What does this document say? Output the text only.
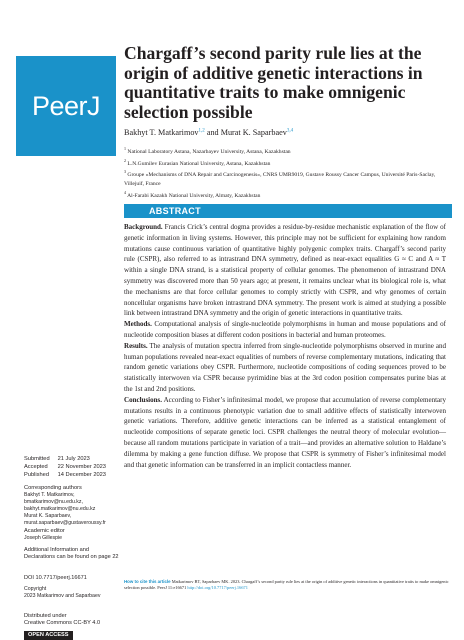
PeerJ
Chargaff’s second parity rule lies at the origin of additive genetic interactions in quantitative traits to make omnigenic selection possible
Bakhyt T. Matkarimov$^{1,2}$ and Murat K. Saparbaev$^{3,4}$
$^1$ National Laboratory Astana, Nazarbayev University, Astana, Kazakhstan
$^2$ L.N.Gumilev Eurasian National University, Astana, Kazakhstan
$^3$ Groupe «Mechanisms of DNA Repair and Carcinogenesis», CNRS UMR9019, Gustave Roussy Cancer Campus, Université Paris-Saclay, Villejuif, France
$^4$ Al-Farabi Kazakh National University, Almaty, Kazakhstan
ABSTRACT

Background. Francis Crick’s central dogma provides a residue-by-residue mechanistic explanation of the flow of genetic information in living systems. However, this principle may not be sufficient for explaining how random mutations cause continuous variation of quantitative highly polygenic complex traits. Chargaff’s second parity rule (CSPR), also referred to as intrastrand DNA symmetry, defined as near-exact equalities G ≈ C and A ≈ T within a single DNA strand, is a statistical property of cellular genomes. The phenomenon of intrastrand DNA symmetry was discovered more than 50 years ago; at present, it remains unclear what its biological role is, what the mechanisms are that force cellular genomes to comply strictly with CSPR, and why genomes of certain noncellular organisms have broken intrastrand DNA symmetry. The present work is aimed at studying a possible link between intrastrand DNA symmetry and the origin of genetic interactions in quantitative traits.

Methods. Computational analysis of single-nucleotide polymorphisms in human and mouse populations and of nucleotide composition biases at different codon positions in bacterial and human proteomes.

Results. The analysis of mutation spectra inferred from single-nucleotide polymorphisms observed in murine and human populations revealed near-exact equalities of numbers of reverse complementary mutations, indicating that random genetic variations obey CSPR. Furthermore, nucleotide compositions of coding sequences proved to be statistically interwoven via CSPR because pyrimidine bias at the 3rd codon position compensates purine bias at the 1st and 2nd positions.

Conclusions. According to Fisher’s infinitesimal model, we propose that accumulation of reverse complementary mutations results in a continuous phenotypic variation due to small additive effects of statistically interwoven genetic variations. Therefore, additive genetic interactions can be inferred as a statistical entanglement of nucleotide compositions of separate genetic loci. CSPR challenges the neutral theory of molecular evolution—because all random mutations participate in variation of a trait—and provides an alternative solution to Haldane’s dilemma by making a gene function diffuse. We propose that CSPR is symmetry of Fisher’s infinitesimal model and that genetic information can be transferred in an implicit contactless manner.

Submitted 21 July 2023
Accepted 22 November 2023
Published 14 December 2023
Corresponding authors
Bakhyt T. Matkarimov,
bmatkarimov@nu.edu.kz,
bakhyt.matkarimov@nu.edu.kz
Murat K. Saparbaev,
murat.saparbaev@gustaveroussy.fr
Academic editor
Joseph Gillespie
Additional Information and Declarations can be found on page 22
DOI 10.7717/peerj.16671
Copyright
2023 Matkarimov and Saparbaev
Distributed under
Creative Commons CC-BY 4.0
OPEN ACCESS
How to cite this article Matkarimov BT, Saparbaev MK. 2023. Chargaff’s second parity rule lies at the origin of additive genetic interactions in quantitative traits to make omnigenic selection possible. PeerJ 11:e16671 http://doi.org/10.7717/peerj.16671
